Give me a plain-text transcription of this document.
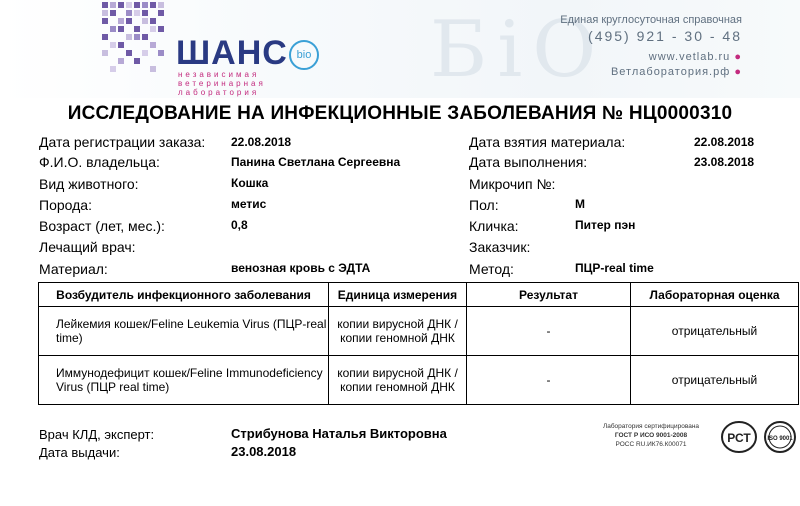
ШАНС bio
независимая
ветеринарная
лаборатория БiO
Единая круглосуточная справочная
(495) 921 - 30 - 48
www.vetlab.ru ●
Ветлаборатория.рф ●
ИССЛЕДОВАНИЕ НА ИНФЕКЦИОННЫЕ ЗАБОЛЕВАНИЯ № НЦ0000310
Дата регистрации заказа: 22.08.2018
Ф.И.О. владельца:	Панина Светлана Сергеевна
Вид животного:	Кошка
Порода:	метис
Возраст (лет, мес.):	0,8
Лечащий врач:
Материал:	венозная кровь с ЭДТА
Дата взятия материала:	22.08.2018
Дата выполнения:	23.08.2018
Микрочип №:
Пол:	М
Кличка:	Питер пэн
Заказчик:
Метод:	ПЦР-real time
Возбудитель инфекционного заболевания	Единица измерения	Результат	Лабораторная оценка
Лейкемия кошек/Feline Leukemia Virus (ПЦР-real time)	копии вирусной ДНК / копии геномной ДНК	-	отрицательный
Иммунодефицит кошек/Feline Immunodeficiency Virus (ПЦР real time)	копии вирусной ДНК / копии геномной ДНК	-	отрицательный
Врач КЛД, эксперт:	Стрибунова Наталья Викторовна
Дата выдачи:	23.08.2018
Лаборатория сертифицирована
ГОСТ Р ИСО 9001-2008
РОСС RU.ИК76.К00071	РСТ	ISO 9001
